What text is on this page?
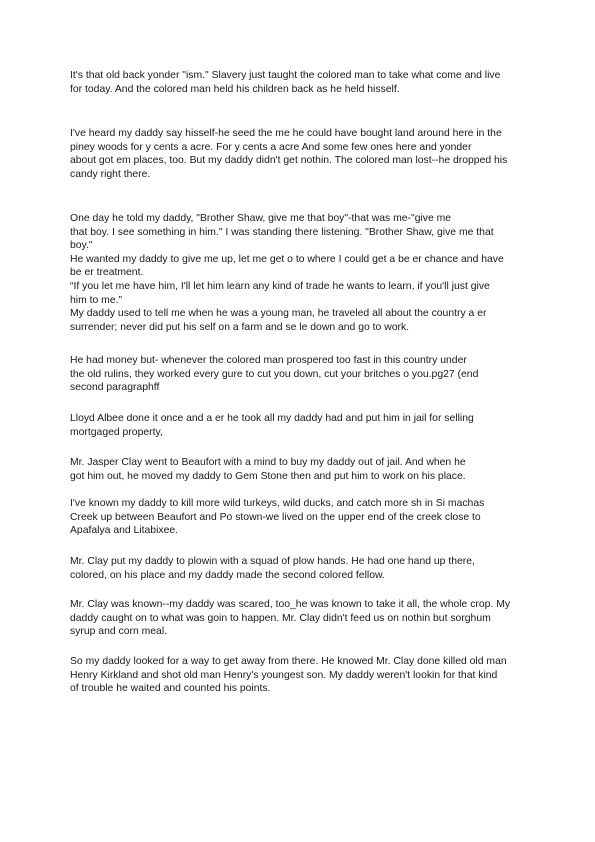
It's that old back yonder "ism." Slavery just taught the colored man to take what come and live
for today. And the colored man held his children back as he held hisself.

I've heard my daddy say hisself-he seed the me he could have bought land around here in the
piney woods for y cents a acre. For y cents a acre And some few ones here and yonder
about got em places, too. But my daddy didn't get nothin. The colored man lost--he dropped his
candy right there.

One day he told my daddy, "Brother Shaw, give me that boy"-that was me-"give me
that boy. I see something in him." I was standing there listening. "Brother Shaw, give me that
boy."
He wanted my daddy to give me up, let me get o to where I could get a be er chance and have
be er treatment.
“If you let me have him, I'll let him learn any kind of trade he wants to learn, if you'll just give
him to me.”
My daddy used to tell me when he was a young man, he traveled all about the country a er
surrender; never did put his self on a farm and se le down and go to work.

He had money but- whenever the colored man prospered too fast in this country under
the old rulins, they worked every gure to cut you down, cut your britches o you.pg27 (end
second paragraphff

Lloyd Albee done it once and a er he took all my daddy had and put him in jail for selling
mortgaged property,

Mr. Jasper Clay went to Beaufort with a mind to buy my daddy out of jail. And when he
got him out, he moved my daddy to Gem Stone then and put him to work on his place.

I've known my daddy to kill more wild turkeys, wild ducks, and catch more sh in Si machas
Creek up between Beaufort and Po stown-we lived on the upper end of the creek close to
Apafalya and Litabixee.

Mr. Clay put my daddy to plowin with a squad of plow hands. He had one hand up there,
colored, on his place and my daddy made the second colored fellow.

Mr. Clay was known--my daddy was scared, too_he was known to take it all, the whole crop. My
daddy caught on to what was goin to happen. Mr. Clay didn't feed us on nothin but sorghum
syrup and corn meal.

So my daddy looked for a way to get away from there. He knowed Mr. Clay done killed old man
Henry Kirkland and shot old man Henry's youngest son. My daddy weren't lookin for that kind
of trouble he waited and counted his points.
